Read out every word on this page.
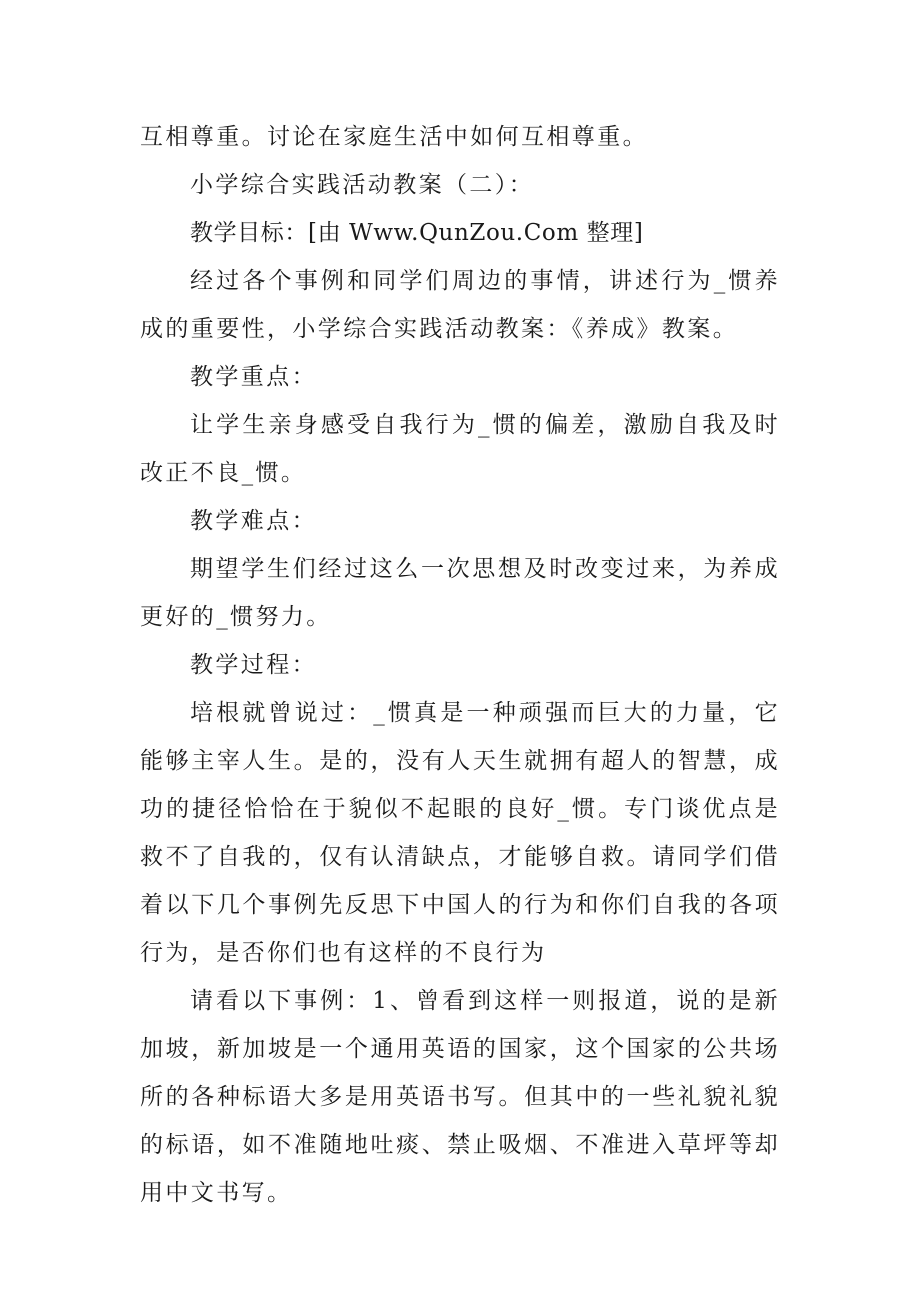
互相尊重。讨论在家庭生活中如何互相尊重。

小学综合实践活动教案（二）：

教学目标：[由 Www.QunZou.Com 整理]

经过各个事例和同学们周边的事情，讲述行为_惯养成的重要性，小学综合实践活动教案：《养成》教案。

教学重点：

让学生亲身感受自我行为_惯的偏差，激励自我及时改正不良_惯。

教学难点：

期望学生们经过这么一次思想及时改变过来，为养成更好的_惯努力。

教学过程：

培根就曾说过：_惯真是一种顽强而巨大的力量，它能够主宰人生。是的，没有人天生就拥有超人的智慧，成功的捷径恰恰在于貌似不起眼的良好_惯。专门谈优点是救不了自我的，仅有认清缺点，才能够自救。请同学们借着以下几个事例先反思下中国人的行为和你们自我的各项行为，是否你们也有这样的不良行为

请看以下事例：1、曾看到这样一则报道，说的是新加坡，新加坡是一个通用英语的国家，这个国家的公共场所的各种标语大多是用英语书写。但其中的一些礼貌礼貌的标语，如不准随地吐痰、禁止吸烟、不准进入草坪等却用中文书写。
